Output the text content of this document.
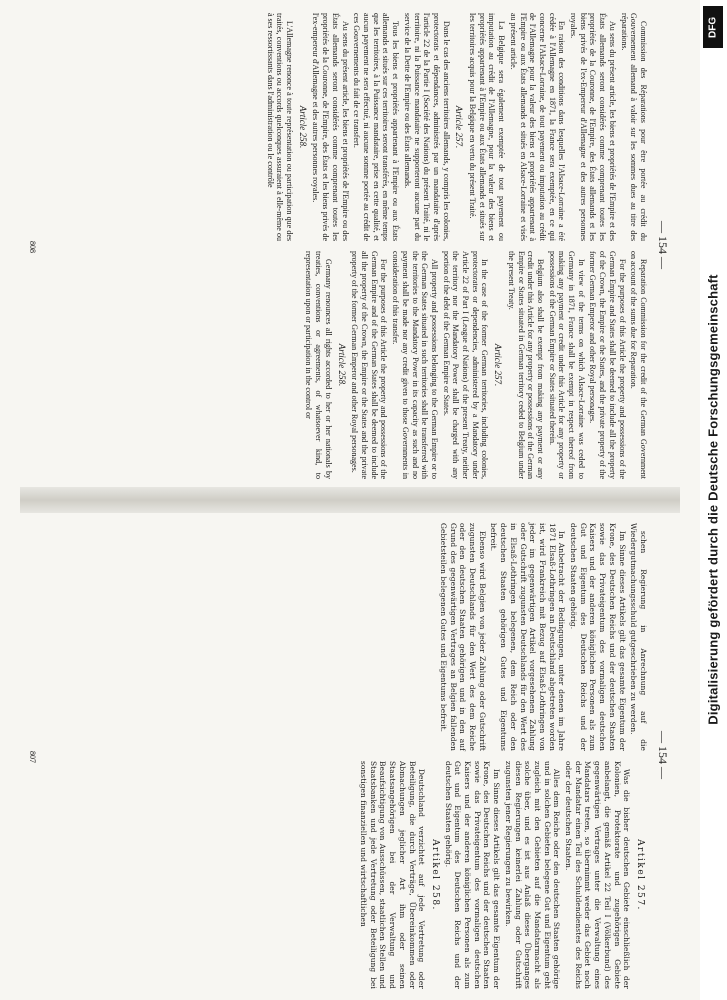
— 154 —

Commission des Réparations pour être portée au crédit du Gouvernement allemand à valoir sur les sommes dues au titre des réparations.

Au sens du présent article, les biens et propriétés de l'Empire et des États allemands seront considérés comme comprenant toutes les propriétés de la Couronne, de l'Empire, des États allemands et les biens privés de l'ex-Empereur d'Allemagne et des autres personnes royales.

En raison des conditions dans lesquelles l'Alsace-Lorraine a été cédée à l'Allemagne en 1871, la France sera exemptée, en ce qui concerne l'Alsace-Lorraine, de tout payement ou imputation au crédit de l'Allemagne pour la valeur des biens et propriétés appartenant à l'Empire ou aux États allemands et situés en Alsace-Lorraine et visés au présent article.

La Belgique sera également exemptée de tout payement ou imputation au crédit de l'Allemagne, pour la valeur des biens et propriétés appartenant à l'Empire ou aux États allemands et situés sur les territoires acquis pour la Belgique en vertu du présent Traité.

Article 257.

Dans le cas des anciens territoires allemands, y compris les colonies, protectorats et dépendances, administrés par un mandataire d'après l'article 22 de la Partie I (Société des Nations) du présent Traité, ni le territoire, ni la Puissance mandataire ne supporteront aucune part du service de la Dette de l'Empire ou des États allemands.

Tous les biens et propriétés appartenant à l'Empire ou aux États allemands et situés sur ces territoires seront transférés, en même temps que les territoires, à la Puissance mandataire, prise en cette qualité, et aucun payement ne sera effectué, ni aucune somme portée au crédit de ces Gouvernements du fait de ce transfert.

Au sens du présent article, les biens et propriétés de l'Empire ou des États allemands seront considérés comme comprenant toutes les propriétés de la Couronne, de l'Empire, des États et les biens privés de l'ex-empereur d'Allemagne et des autres personnes royales.

Article 258.

L'Allemagne renonce à toute représentation ou participation que des traités, conventions ou accords quelconques assuraient à elle-même ou à ses ressortissants dans l'administration ou le contrôle

Reparation Commission for the credit of the German Government on account of the sums due for Reparation.

For the purposes of this Article the property and possessions of the German Empire and States shall be deemed to include all the property of the Crown, the Empire or the States, and the private property of the former German Emperor and other Royal personages.

In view of the terms on which Alsace-Lorraine was ceded to Germany in 1871, France shall be exempt in respect thereof from making any payment or credit under this Article for any property or possessions of the German Empire or States situated therein.

Belgium also shall be exempt from making any payment or any credit under this Article for any property or possessions of the German Empire or States situated in German territory ceded to Belgium under the present Treaty.

Article 257.

In the case of the former German territories, including colonies, protectorates or dependencies, administered by a Mandatory under Article 22 of Part I (League of Nations) of the present Treaty, neither the territory nor the Mandatory Power shall be charged with any portion of the debt of the German Empire or States.

All property and possessions belonging to the German Empire or to the German States situated in such territories shall be transferred with the territories to the Mandatory Power in its capacity as such and no payment shall be made nor any credit given to those Governments in consideration of this transfer.

For the purposes of this Article the property and possessions of the German Empire and of the German States shall be deemed to include all the property of the Crown, the Empire or the States and the private property of the former German Emperor and other Royal personages.

Article 258.

Germany renounces all rights accorded to her or her nationals by treaties, conventions or agreements, of whatsoever kind, to representation upon or participation in the control or

808
— 154 —

schen Regierung in Anrechnung auf die Wiedergutmachungsschuld gutgeschrieben zu werden.

Im Sinne dieses Artikels gilt das gesamte Eigentum der Krone, des Deutschen Reichs und der deutschen Staaten sowie das Privateigentum des vormaligen deutschen Kaisers und der anderen königlichen Personen als zum Gut und Eigentum des Deutschen Reichs und der deutschen Staaten gehörig.

In Anbetracht der Bedingungen, unter denen im Jahre 1871 Elsaß-Lothringen an Deutschland abgetreten worden ist, wird Frankreich mit Bezug auf Elsaß-Lothringen von jeder im gegenwärtigen Artikel vorgesehenen Zahlung oder Gutschrift zugunsten Deutschlands für den Wert des in Elsaß-Lothringen belegenen, dem Reich oder den deutschen Staaten gehörigen Gutes und Eigentums befreit.

Ebenso wird Belgien von jeder Zahlung oder Gutschrift zugunsten Deutschlands für den Wert des dem Reiche oder den deutschen Staaten gehörigen und in den auf Grund des gegenwärtigen Vertrages an Belgien fallenden Gebietsteilen belegenen Gutes und Eigentums befreit.

Artikel 257.

Was die bisher deutschen Gebiete einschließlich der Kolonien, Protektorate und zugehörigen Gebiete anbelangt, die gemäß Artikel 22 Teil I (Völkerbund) des gegenwärtigen Vertrages unter die Verwaltung eines Mandatars treten, so übernimmt weder das Gebiet noch der Mandatar einen Teil des Schuldendienstes des Reichs oder der deutschen Staaten.

Alles dem Reiche oder den deutschen Staaten gehörige und in solchen Gebieten belegene Gut und Eigentum geht zugleich mit den Gebieten auf die Mandatarmacht als solche über, und es ist aus Anlaß dieses Überganges diesen Regierungen keinerlei Zahlung oder Gutschrift zugunsten jener Regierungen zu bewirken.

Im Sinne dieses Artikels gilt das gesamte Eigentum der Krone, des Deutschen Reichs und der deutschen Staaten sowie das Privateigentum des vormaligen deutschen Kaisers und der anderen königlichen Personen als zum Gut und Eigentum des Deutschen Reichs und der deutschen Staaten gehörig.

Artikel 258.

Deutschland verzichtet auf jede Vertretung oder Beteiligung, die durch Verträge, Übereinkommen oder Abmachungen jeglicher Art ihm oder seinen Staatsangehörigen bei der Verwaltung und Beaufsichtigung von Ausschüssen, staatlichen Stellen und Staatsbanken und jede Vertretung oder Beteiligung bei sonstigen finanziellen und wirtschaftlichen

807
Digitalisierung gefördert durch die Deutsche Forschungsgemeinschaft
DFG
